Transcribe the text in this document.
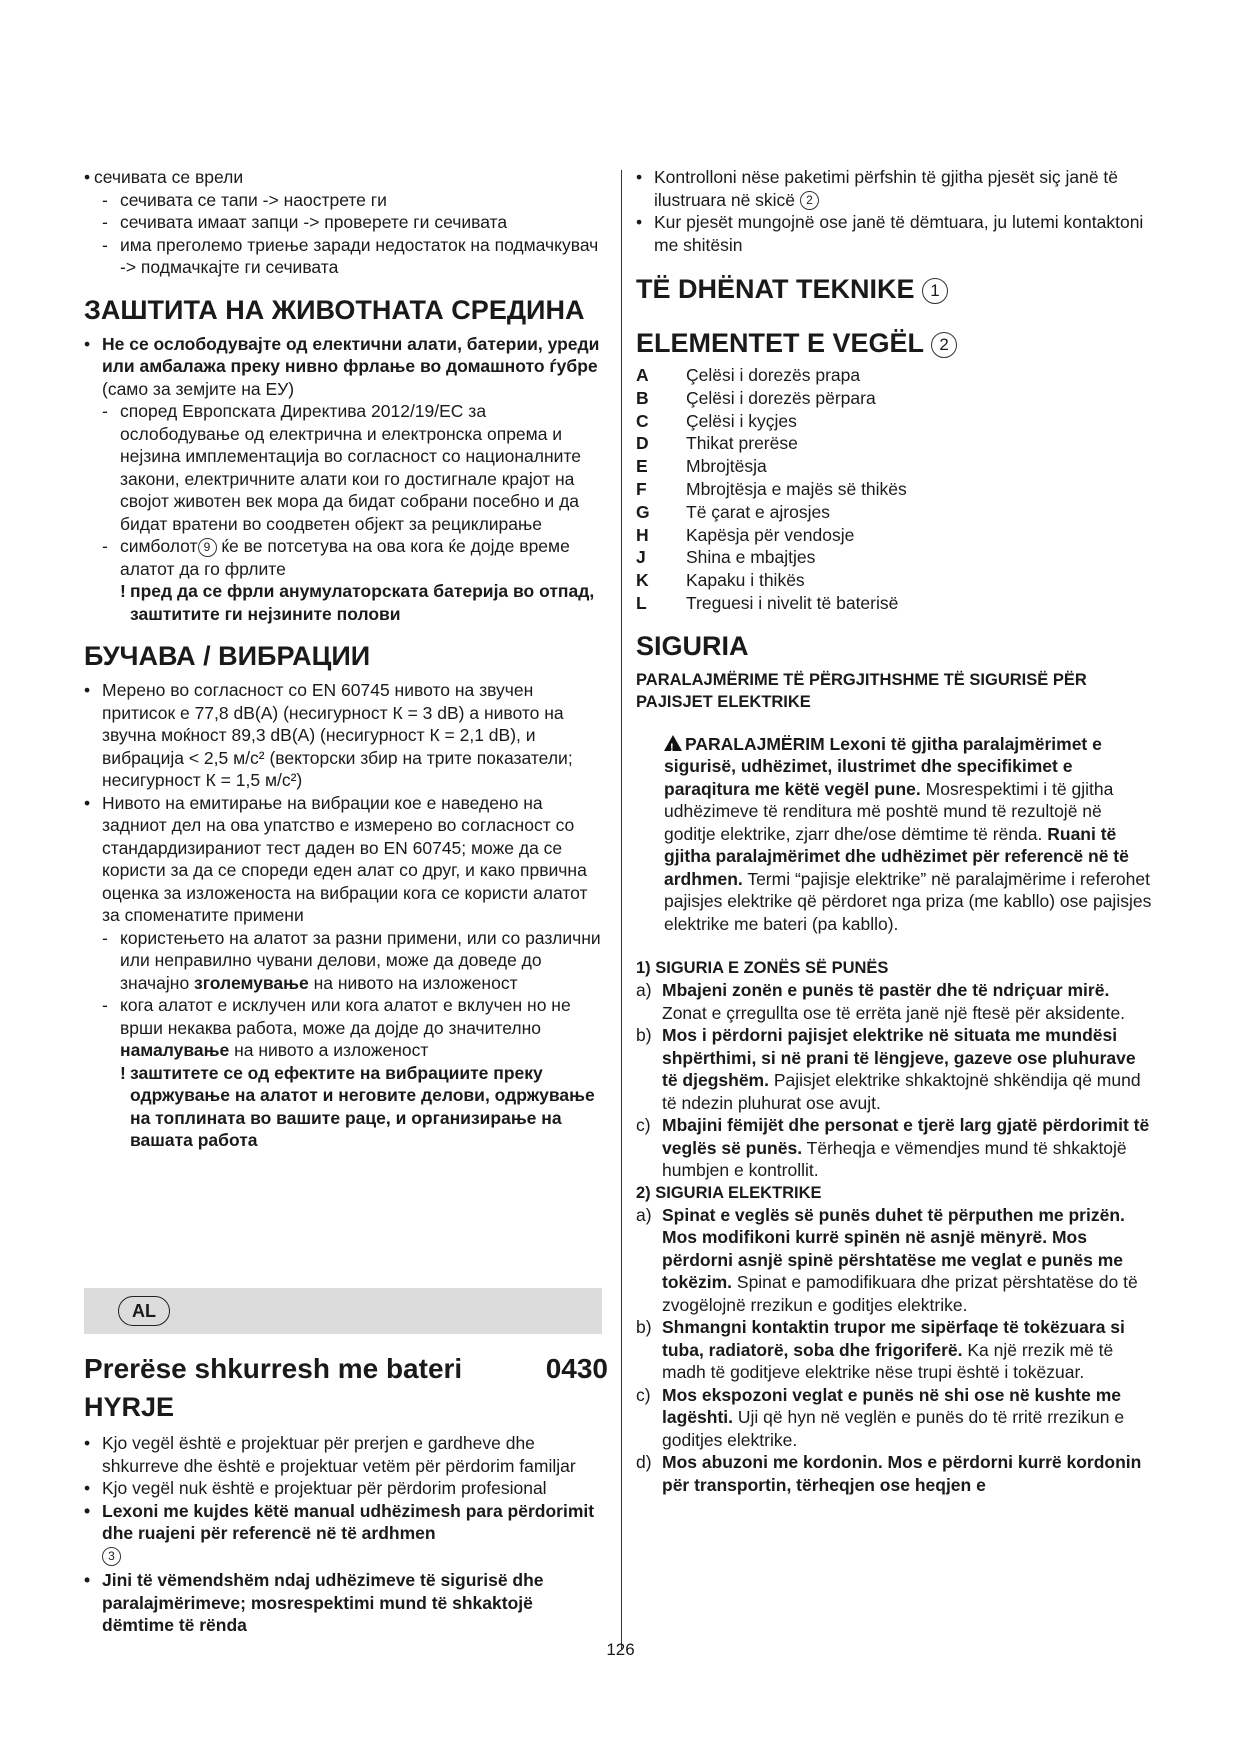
• сечивата се врели

- сечивата се тапи -> наострете ги

- сечивата имаат запци -> проверете ги сечивата

- има преголемо триење заради недостаток на подмачкувач -> подмачкајте ги сечивата

ЗАШТИТА НА ЖИВОТНАТА СРЕДИНА

• Не се ослободувајте од електични алати, батерии, уреди или амбалажа преку нивно фрлање во домашното ѓубре (само за земјите на ЕУ)

- според Европската Директива 2012/19/EC за ослободување од електрична и електронска опрема и нејзина имплементација во согласност со националните закони, електричните алати кои го достигнале крајот на својот животен век мора да бидат собрани посебно и да бидат вратени во соодветен објект за рециклирање

- симболот 9 ќе ве потсетува на ова кога ќе дојде време алатот да го фрлите

! пред да се фрли анумулаторската батерија во отпад, заштитите ги нејзините полови

БУЧАВА / ВИБРАЦИИ

• Мерено во согласност со EN 60745 нивото на звучен притисок е 77,8 dB(A) (несигурност К = 3 dB) а нивото на звучна моќност 89,3 dB(A) (несигурност К = 2,1 dB), и вибрација < 2,5 м/с² (векторски збир на трите показатели; несигурност К = 1,5 м/с²)

• Нивото на емитирање на вибрации кое е наведено на задниот дел на ова упатство е измерено во согласност со стандардизираниот тест даден во EN 60745; може да се користи за да се спореди еден алат со друг, и како првична оценка за изложеноста на вибрации кога се користи алатот за споменатите примени

- користењето на алатот за разни примени, или со различни или неправилно чувани делови, може да доведе до значајно зголемување на нивото на изложеност

- кога алатот е исклучен или кога алатот е вклучен но не врши некаква работа, може да дојде до значително намалување на нивото а изложеност

! заштитете се од ефектите на вибрациите преку одржување на алатот и неговите делови, одржување на топлината во вашите раце, и организирање на вашата работа

AL
Prerëse shkurresh me bateri	0430
HYRJE

• Kjo vegël është e projektuar për prerjen e gardheve dhe shkurreve dhe është e projektuar vetëm për përdorim familjar

• Kjo vegël nuk është e projektuar për përdorim profesional

• Lexoni me kujdes këtë manual udhëzimesh para përdorimit dhe ruajeni për referencë në të ardhmen
3

• Jini të vëmendshëm ndaj udhëzimeve të sigurisë dhe paralajmërimeve; mosrespektimi mund të shkaktojë dëmtime të rënda

• Kontrolloni nëse paketimi përfshin të gjitha pjesët siç janë të ilustruara në skicë 2

• Kur pjesët mungojnë ose janë të dëmtuara, ju lutemi kontaktoni me shitësin

TË DHËNAT TEKNIKE 1
ELEMENTET E VEGËL 2
A	Çelësi i dorezës prapa
B	Çelësi i dorezës përpara
C	Çelësi i kyçjes
D	Thikat prerëse
E	Mbrojtësja
F	Mbrojtësja e majës së thikës
G	Të çarat e ajrosjes
H	Kapësja për vendosje
J	Shina e mbajtjes
K	Kapaku i thikës
L	Treguesi i nivelit të baterisë
SIGURIA

PARALAJMËRIME TË PËRGJITHSHME TË SIGURISË PËR PAJISJET ELEKTRIKE

!PARALAJMËRIM Lexoni të gjitha paralajmërimet e sigurisë, udhëzimet, ilustrimet dhe specifikimet e paraqitura me këtë vegël pune. Mosrespektimi i të gjitha udhëzimeve të renditura më poshtë mund të rezultojë në goditje elektrike, zjarr dhe/ose dëmtime të rënda. Ruani të gjitha paralajmërimet dhe udhëzimet për referencë në të ardhmen. Termi “pajisje elektrike” në paralajmërime i referohet pajisjes elektrike që përdoret nga priza (me kabllo) ose pajisjes elektrike me bateri (pa kabllo).

1) SIGURIA E ZONËS SË PUNËS

a) Mbajeni zonën e punës të pastër dhe të ndriçuar mirë. Zonat e çrregullta ose të errëta janë një ftesë për aksidente.

b) Mos i përdorni pajisjet elektrike në situata me mundësi shpërthimi, si në prani të lëngjeve, gazeve ose pluhurave të djegshëm. Pajisjet elektrike shkaktojnë shkëndija që mund të ndezin pluhurat ose avujt.

c) Mbajini fëmijët dhe personat e tjerë larg gjatë përdorimit të veglës së punës. Tërheqja e vëmendjes mund të shkaktojë humbjen e kontrollit.

2) SIGURIA ELEKTRIKE

a) Spinat e veglës së punës duhet të përputhen me prizën. Mos modifikoni kurrë spinën në asnjë mënyrë. Mos përdorni asnjë spinë përshtatëse me veglat e punës me tokëzim. Spinat e pamodifikuara dhe prizat përshtatëse do të zvogëlojnë rrezikun e goditjes elektrike.

b) Shmangni kontaktin trupor me sipërfaqe të tokëzuara si tuba, radiatorë, soba dhe frigoriferë. Ka një rrezik më të madh të goditjeve elektrike nëse trupi është i tokëzuar.

c) Mos ekspozoni veglat e punës në shi ose në kushte me lagështi. Uji që hyn në veglën e punës do të rritë rrezikun e goditjes elektrike.

d) Mos abuzoni me kordonin. Mos e përdorni kurrë kordonin për transportin, tërheqjen ose heqjen e

126
